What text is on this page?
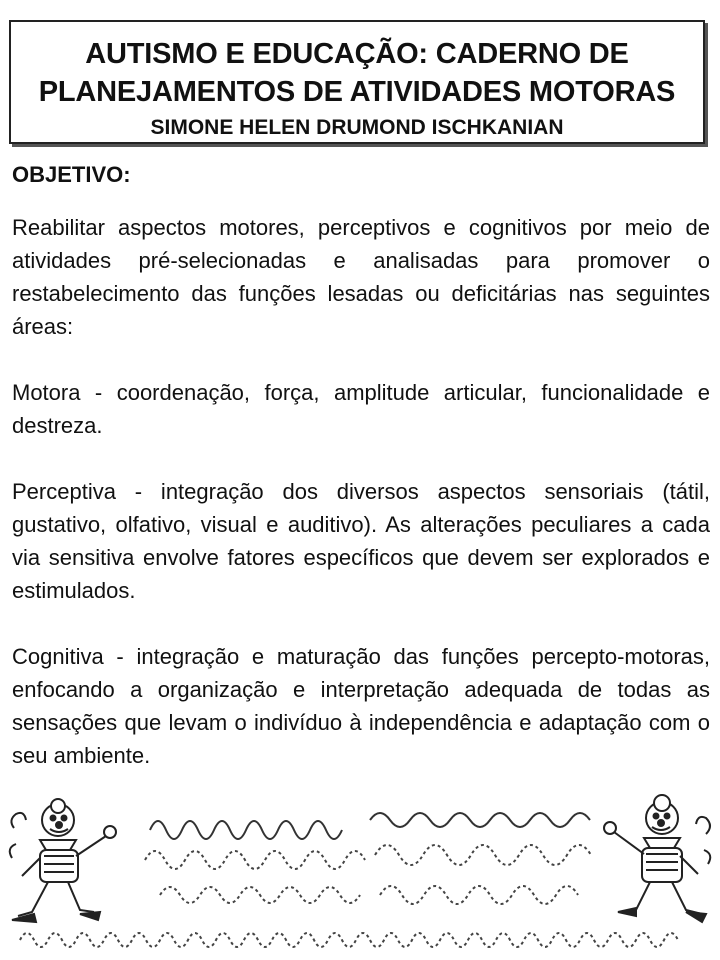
AUTISMO E EDUCAÇÃO: CADERNO DE
PLANEJAMENTOS DE ATIVIDADES MOTORAS
SIMONE HELEN DRUMOND ISCHKANIAN
OBJETIVO:

Reabilitar aspectos motores, perceptivos e cognitivos por meio de atividades pré-selecionadas e analisadas para promover o restabelecimento das funções lesadas ou deficitárias nas seguintes áreas:

Motora - coordenação, força, amplitude articular, funcionalidade e destreza.

Perceptiva - integração dos diversos aspectos sensoriais (tátil, gustativo, olfativo, visual e auditivo). As alterações peculiares a cada via sensitiva envolve fatores específicos que devem ser explorados e estimulados.

Cognitiva - integração e maturação das funções percepto-motoras, enfocando a organização e interpretação adequada de todas as sensações que levam o indivíduo à independência e adaptação com o seu ambiente.
